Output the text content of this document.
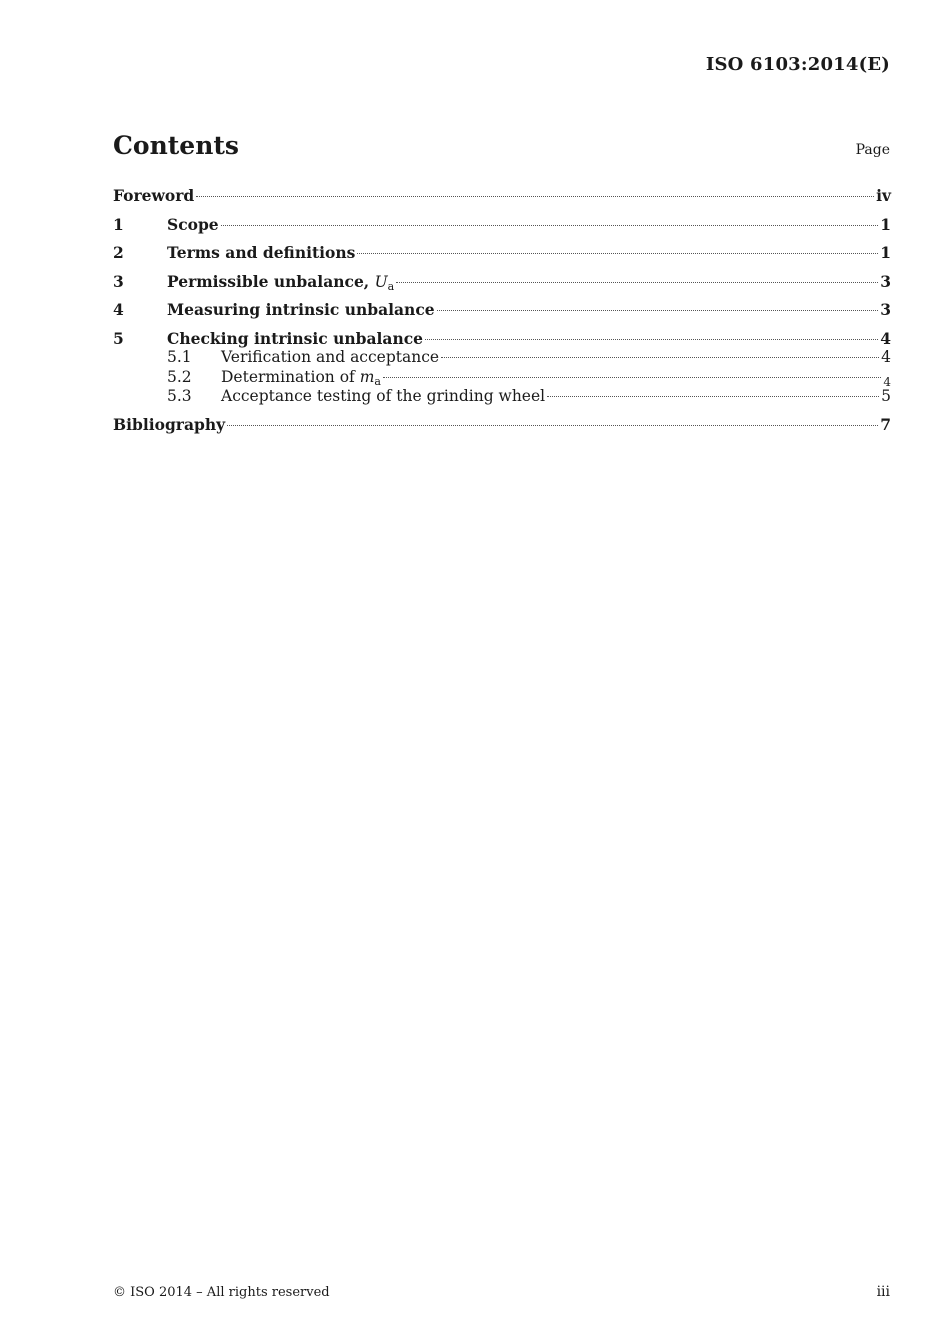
ISO 6103:2014(E)
Contents	Page
Foreword	iv
1	Scope	1
2	Terms and definitions	1
3	Permissible unbalance, $U_a$	3
4	Measuring intrinsic unbalance	3
5	Checking intrinsic unbalance	4
5.1	Verification and acceptance	4
5.2	Determination of $m_a$	4
5.3	Acceptance testing of the grinding wheel	5
Bibliography	7
© ISO 2014 – All rights reserved	iii
